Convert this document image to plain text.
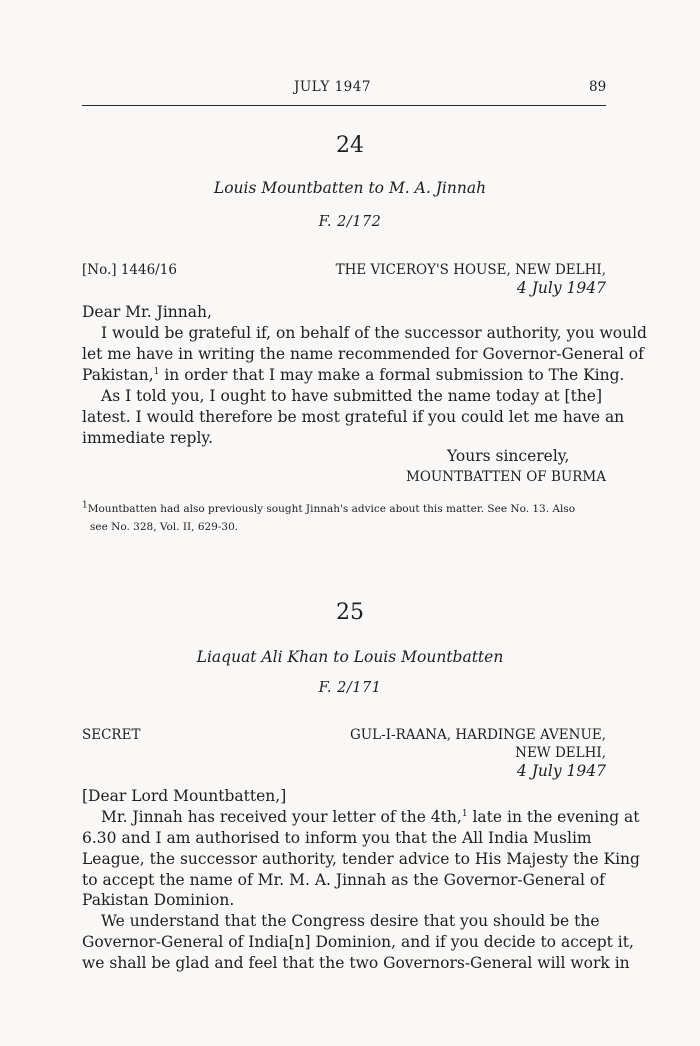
JULY 1947	89
24
Louis Mountbatten to M. A. Jinnah
F. 2/172
[No.] 1446/16	THE VICEROY'S HOUSE, NEW DELHI,
4 July 1947
Dear Mr. Jinnah,
I would be grateful if, on behalf of the successor authority, you would
let me have in writing the name recommended for Governor-General of
Pakistan,$^1$ in order that I may make a formal submission to The King.
As I told you, I ought to have submitted the name today at [the]
latest. I would therefore be most grateful if you could let me have an
immediate reply.
Yours sincerely,
MOUNTBATTEN OF BURMA
$^1$Mountbatten had also previously sought Jinnah's advice about this matter. See No. 13. Also
see No. 328, Vol. II, 629-30.
25
Liaquat Ali Khan to Louis Mountbatten
F. 2/171
SECRET	GUL-I-RAANA, HARDINGE AVENUE,
NEW DELHI,
4 July 1947
[Dear Lord Mountbatten,]
Mr. Jinnah has received your letter of the 4th,$^1$ late in the evening at
6.30 and I am authorised to inform you that the All India Muslim
League, the successor authority, tender advice to His Majesty the King
to accept the name of Mr. M. A. Jinnah as the Governor-General of
Pakistan Dominion.
We understand that the Congress desire that you should be the
Governor-General of India[n] Dominion, and if you decide to accept it,
we shall be glad and feel that the two Governors-General will work in
